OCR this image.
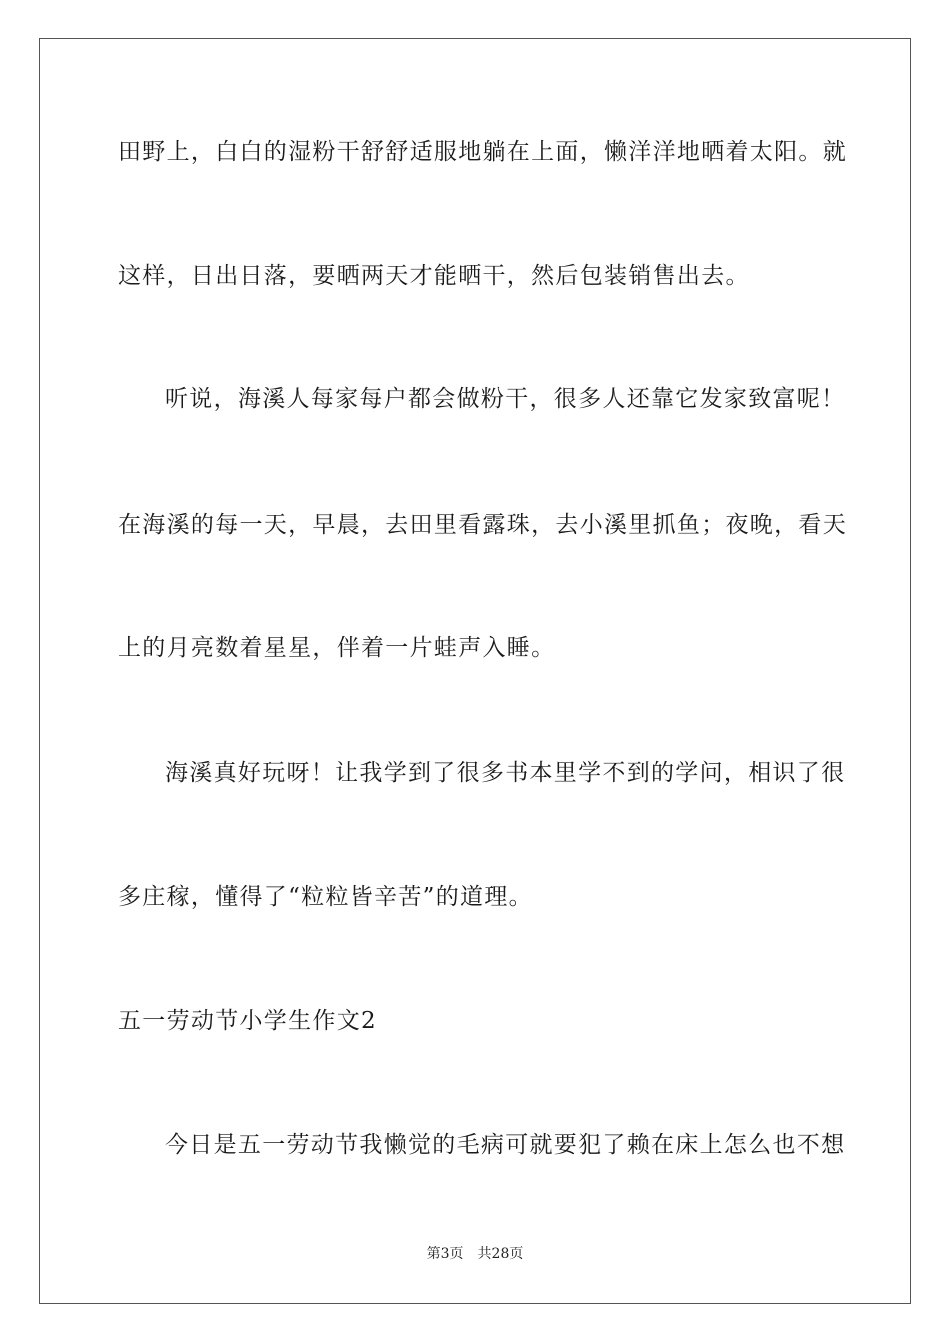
田野上，白白的湿粉干舒舒适服地躺在上面，懒洋洋地晒着太阳。就
这样，日出日落，要晒两天才能晒干，然后包装销售出去。
听说，海溪人每家每户都会做粉干，很多人还靠它发家致富呢！
在海溪的每一天，早晨，去田里看露珠，去小溪里抓鱼；夜晚，看天
上的月亮数着星星，伴着一片蛙声入睡。
海溪真好玩呀！让我学到了很多书本里学不到的学问，相识了很
多庄稼，懂得了“粒粒皆辛苦”的道理。
五一劳动节小学生作文2
今日是五一劳动节我懒觉的毛病可就要犯了赖在床上怎么也不想
第3页 共28页
